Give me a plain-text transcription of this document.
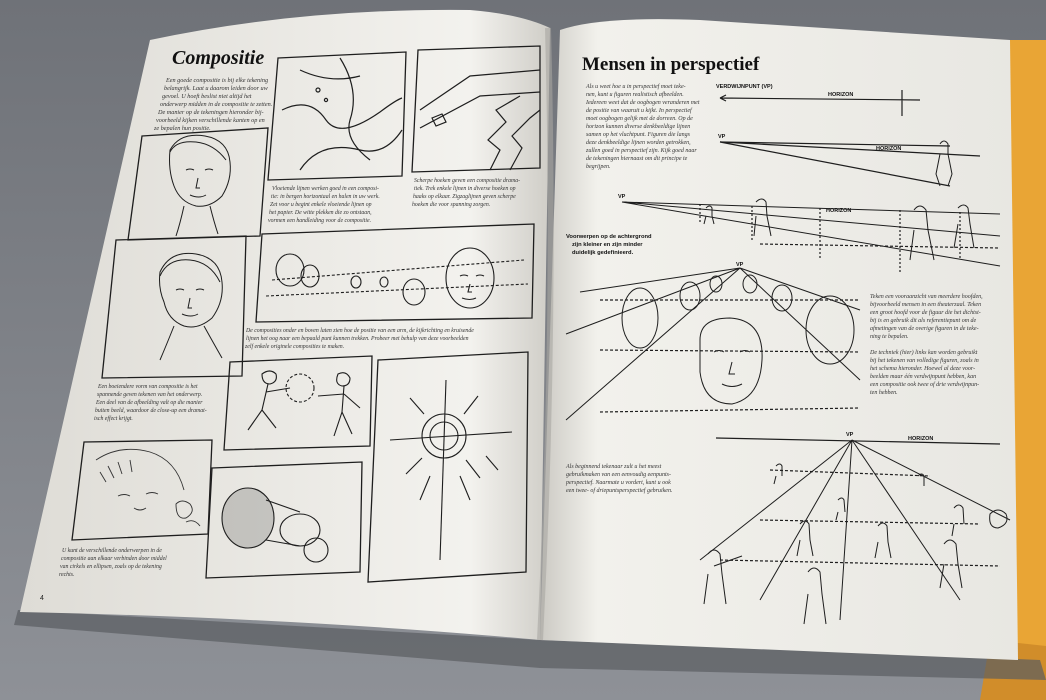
Compositie
Een goede compositie is bij elke tekening belangrijk. Laat u daarom leiden door uw gevoel. U hoeft beslist niet altijd het onderwerp midden in de compositie te zetten. De manier op de tekeningen hieronder bij- voorbeeld kijken verschillende kanten op en ze bepalen hun positie.
Vloeiende lijnen werken goed in een composi- tie: in bergen horizontaal en halen in uw werk. Zet voor u begint enkele vloeiende lijnen op het papier. De witte plekken die zo ontstaan, vormen een handleiding voor de compositie.
Scherpe hoeken geven een compositie drama- tiek. Trek enkele lijnen in diverse hoeken op haaks op elkaar. Zigzaglijnen geven scherpe hoeken die voor spanning zorgen.
De composities onder en boven laten zien hoe de positie van een arm, de kijkrichting en kruisende lijnen het oog naar een bepaald punt kunnen trekken. Probeer met behulp van deze voorbeelden zelf enkele originele composities te maken.
Een boeiendere vorm van compositie is het spannende geven tekenen van het onderwerp. Een deel van de afbeelding valt op die manier buiten beeld, waardoor de close-up een dramat- isch effect krijgt.
U kunt de verschillende onderwerpen in de compositie aan elkaar verbinden door middel van cirkels en ellipsen, zoals op de tekening rechts.
4
Mensen in perspectief
Als u weet hoe u in perspectief moet teke- nen, kunt u figuren realistisch afbeelden. Iedereen weet dat de oogbogen veranderen met de positie van waaruit u kijkt. In perspectief moet oogbogen gelijk met de dorreen. Op de horizon kunnen diverse denkbeeldige lijnen samen op het vluchtpunt. Figuren die langs deze denkbeeldige lijnen worden getrokken, zullen goed in perspectief zijn. Kijk goed naar de tekeningen hiernaast om dit principe te begrijpen.
VERDWIJNPUNT (VP)
HORIZON
VP
HORIZON
VP
HORIZON
Voorwerpen op de achtergrond zijn kleiner en zijn minder duidelijk gedefinieerd.
VP
Teken een vooraanzicht van meerdere hoofden, bijvoorbeeld mensen in een theaterzaal. Teken een groot hoofd voor de figuur die het dichtst- bij is en gebruik dit als referentiepunt om de afmetingen van de overige figuren in de teke- ning te bepalen. De techniek (hier) links kan worden gebruikt bij het tekenen van volledige figuren, zoals in het schema hieronder. Hoewel al deze voor- beelden maar één verdwijnpunt hebben, kan een compositie ook twee of drie verdwijnpun- ten hebben.
VP
HORIZON
Als beginnend tekenaar zult u het meest gebruikmaken van een eenvoudig eenpunts- perspectief. Naarmate u vordert, kunt u ook een twee- of driepuntsperspectief gebruiken.
